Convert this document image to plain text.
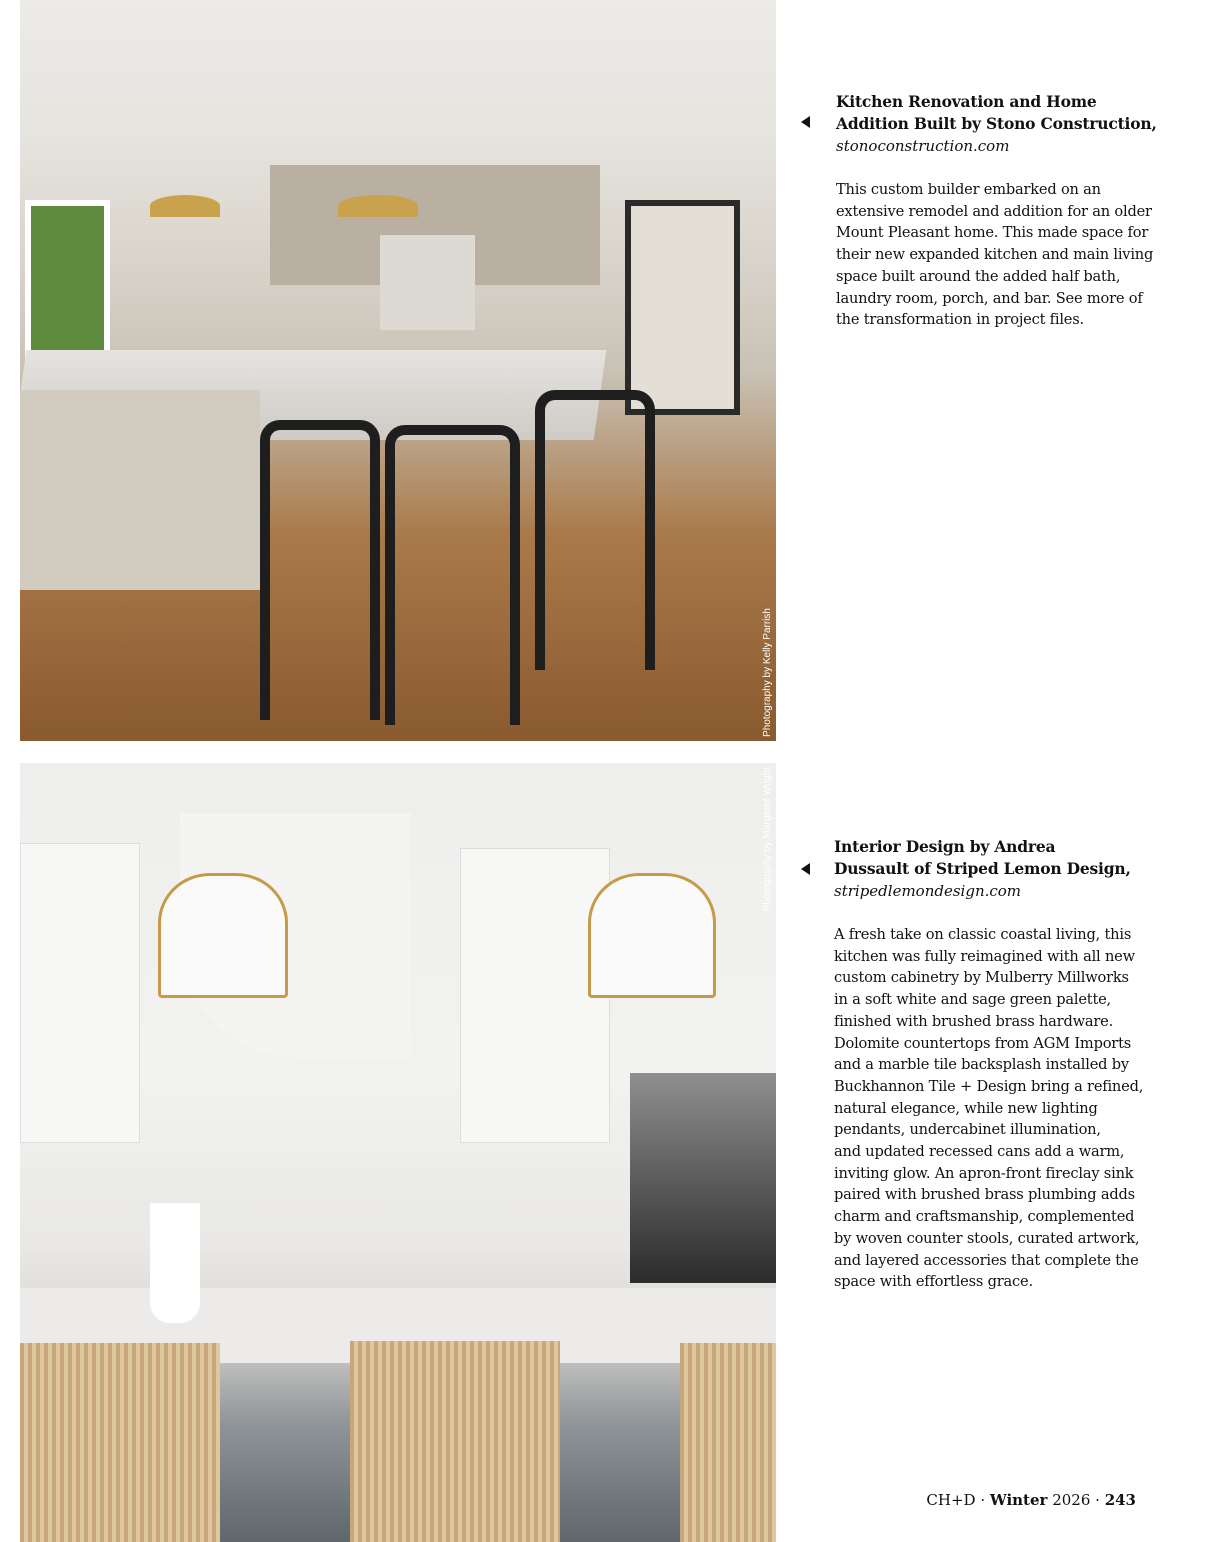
Photography by Kelly Parrish
Photography by Margaret Wright
Kitchen Renovation and Home
Addition Built by Stono Construction,
stonoconstruction.com
This custom builder embarked on an
extensive remodel and addition for an older
Mount Pleasant home. This made space for
their new expanded kitchen and main living
space built around the added half bath,
laundry room, porch, and bar. See more of
the transformation in project files.
Interior Design by Andrea
Dussault of Striped Lemon Design,
stripedlemondesign.com
A fresh take on classic coastal living, this
kitchen was fully reimagined with all new
custom cabinetry by Mulberry Millworks
in a soft white and sage green palette,
finished with brushed brass hardware.
Dolomite countertops from AGM Imports
and a marble tile backsplash installed by
Buckhannon Tile + Design bring a refined,
natural elegance, while new lighting
pendants, undercabinet illumination,
and updated recessed cans add a warm,
inviting glow. An apron-front fireclay sink
paired with brushed brass plumbing adds
charm and craftsmanship, complemented
by woven counter stools, curated artwork,
and layered accessories that complete the
space with effortless grace.
CH+D · Winter 2026 · 243
